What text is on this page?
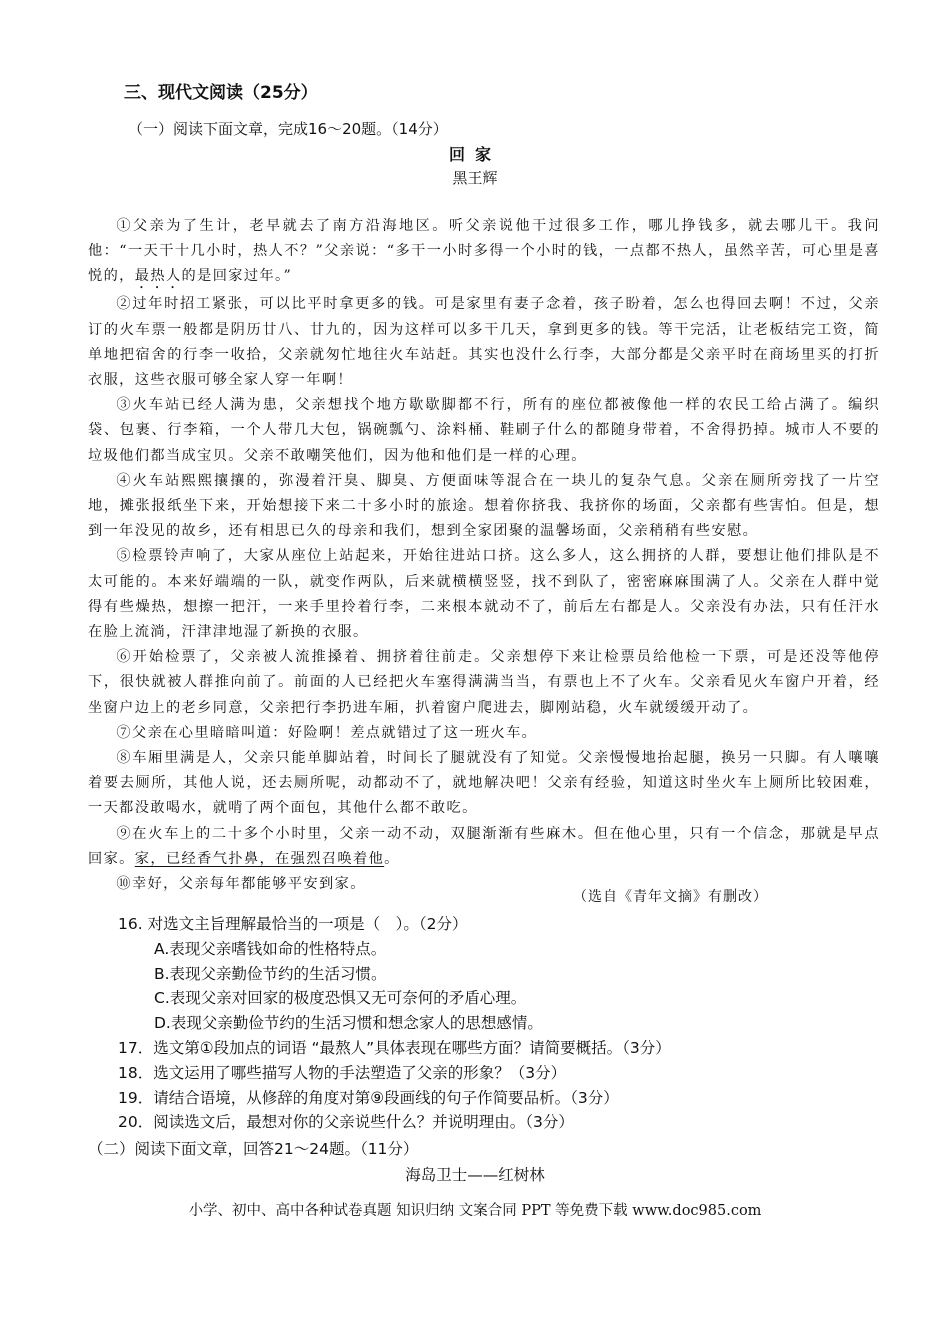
三、现代文阅读（25分）
（一）阅读下面文章，完成16～20题。（14分）
回家
黑王辉

①父亲为了生计，老早就去了南方沿海地区。听父亲说他干过很多工作，哪儿挣钱多，就去哪儿干。我问他：“一天干十几小时，热人不？”父亲说：“多干一小时多得一个小时的钱，一点都不热人，虽然辛苦，可心里是喜悦的，最热人的是回家过年。”

②过年时招工紧张，可以比平时拿更多的钱。可是家里有妻子念着，孩子盼着，怎么也得回去啊！不过，父亲订的火车票一般都是阴历廿八、廿九的，因为这样可以多干几天，拿到更多的钱。等干完活，让老板结完工资，简单地把宿舍的行李一收拾，父亲就匆忙地往火车站赶。其实也没什么行李，大部分都是父亲平时在商场里买的打折衣服，这些衣服可够全家人穿一年啊！

③火车站已经人满为患，父亲想找个地方歇歇脚都不行，所有的座位都被像他一样的农民工给占满了。编织袋、包裹、行李箱，一个人带几大包，锅碗瓢勺、涂料桶、鞋刷子什么的都随身带着，不舍得扔掉。城市人不要的垃圾他们都当成宝贝。父亲不敢嘲笑他们，因为他和他们是一样的心理。

④火车站熙熙攘攘的，弥漫着汗臭、脚臭、方便面味等混合在一块儿的复杂气息。父亲在厕所旁找了一片空地，摊张报纸坐下来，开始想接下来二十多小时的旅途。想着你挤我、我挤你的场面，父亲都有些害怕。但是，想到一年没见的故乡，还有相思已久的母亲和我们，想到全家团聚的温馨场面，父亲稍稍有些安慰。

⑤检票铃声响了，大家从座位上站起来，开始往进站口挤。这么多人，这么拥挤的人群，要想让他们排队是不太可能的。本来好端端的一队，就变作两队，后来就横横竖竖，找不到队了，密密麻麻围满了人。父亲在人群中觉得有些燥热，想擦一把汗，一来手里拎着行李，二来根本就动不了，前后左右都是人。父亲没有办法，只有任汗水在脸上流淌，汗津津地湿了新换的衣服。

⑥开始检票了，父亲被人流推搡着、拥挤着往前走。父亲想停下来让检票员给他检一下票，可是还没等他停下，很快就被人群推向前了。前面的人已经把火车塞得满满当当，有票也上不了火车。父亲看见火车窗户开着，经坐窗户边上的老乡同意，父亲把行李扔进车厢，扒着窗户爬进去，脚刚站稳，火车就缓缓开动了。

⑦父亲在心里暗暗叫道：好险啊！差点就错过了这一班火车。

⑧车厢里满是人，父亲只能单脚站着，时间长了腿就没有了知觉。父亲慢慢地抬起腿，换另一只脚。有人嚷嚷着要去厕所，其他人说，还去厕所呢，动都动不了，就地解决吧！父亲有经验，知道这时坐火车上厕所比较困难，一天都没敢喝水，就啃了两个面包，其他什么都不敢吃。

⑨在火车上的二十多个小时里，父亲一动不动，双腿渐渐有些麻木。但在他心里，只有一个信念，那就是早点回家。家，已经香气扑鼻，在强烈召唤着他。

⑩幸好，父亲每年都能够平安到家。

（选自《青年文摘》有删改）
16. 对选文主旨理解最恰当的一项是（　）。（2分）
A.表现父亲嗜钱如命的性格特点。
B.表现父亲勤俭节约的生活习惯。
C.表现父亲对回家的极度恐惧又无可奈何的矛盾心理。
D.表现父亲勤俭节约的生活习惯和想念家人的思想感情。
17．选文第①段加点的词语 “最熬人”具体表现在哪些方面？请简要概括。（3分）
18．选文运用了哪些描写人物的手法塑造了父亲的形象？（3分）
19．请结合语境，从修辞的角度对第⑨段画线的句子作简要品析。（3分）
20．阅读选文后，最想对你的父亲说些什么？并说明理由。（3分）
（二）阅读下面文章，回答21～24题。（11分）
海岛卫士——红树林
小学、初中、高中各种试卷真题 知识归纳 文案合同 PPT 等免费下载 www.doc985.com
